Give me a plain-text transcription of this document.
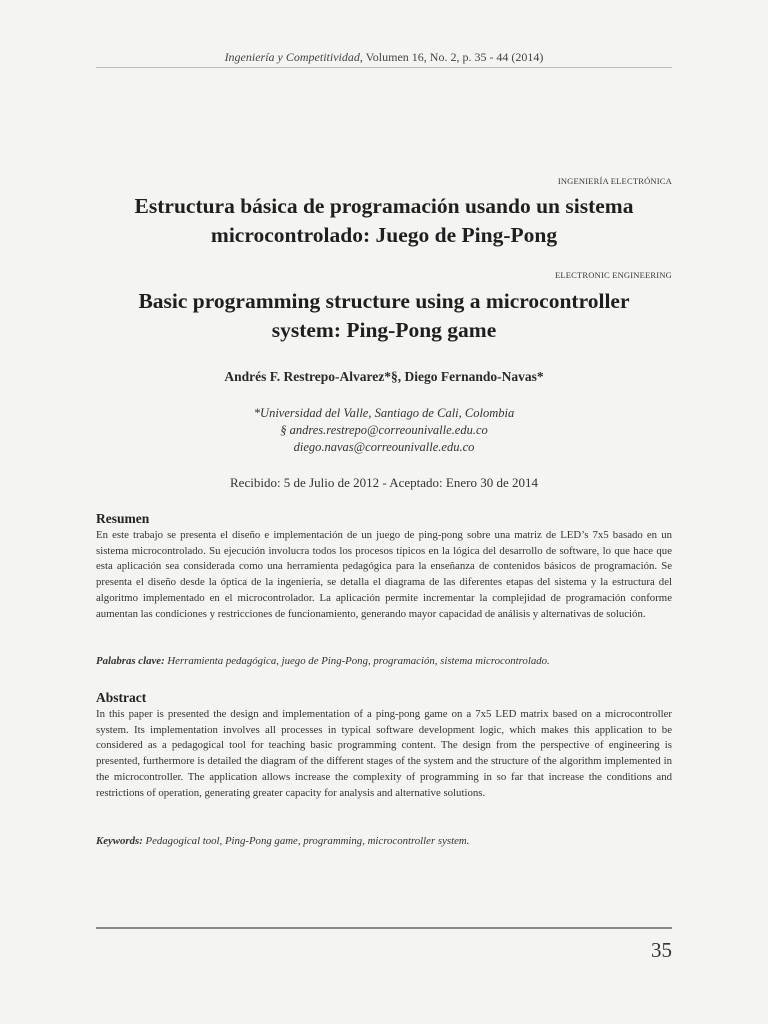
Ingeniería y Competitividad, Volumen 16, No. 2, p. 35 - 44 (2014)
INGENIERÍA ELECTRÓNICA
Estructura básica de programación usando un sistema
microcontrolado: Juego de Ping-Pong
ELECTRONIC ENGINEERING
Basic programming structure using a microcontroller
system: Ping-Pong game
Andrés F. Restrepo-Alvarez*§, Diego Fernando-Navas*
*Universidad del Valle, Santiago de Cali, Colombia
§ andres.restrepo@correounivalle.edu.co
diego.navas@correounivalle.edu.co
Recibido: 5 de Julio de 2012 - Aceptado: Enero 30 de 2014
Resumen
En este trabajo se presenta el diseño e implementación de un juego de ping-pong sobre una matriz de LED’s 7x5 basado en un sistema microcontrolado. Su ejecución involucra todos los procesos típicos en la lógica del desarrollo de software, lo que hace que esta aplicación sea considerada como una herramienta pedagógica para la enseñanza de contenidos básicos de programación. Se presenta el diseño desde la óptica de la ingeniería, se detalla el diagrama de las diferentes etapas del sistema y la estructura del algoritmo implementado en el microcontrolador. La aplicación permite incrementar la complejidad de programación conforme aumentan las condiciones y restricciones de funcionamiento, generando mayor capacidad de análisis y alternativas de solución.
Palabras clave: Herramienta pedagógica, juego de Ping-Pong, programación, sistema microcontrolado.
Abstract
In this paper is presented the design and implementation of a ping-pong game on a 7x5 LED matrix based on a microcontroller system. Its implementation involves all processes in typical software development logic, which makes this application to be considered as a pedagogical tool for teaching basic programming content. The design from the perspective of engineering is presented, furthermore is detailed the diagram of the different stages of the system and the structure of the algorithm implemented in the microcontroller. The application allows increase the complexity of programming in so far that increase the conditions and restrictions of operation, generating greater capacity for analysis and alternative solutions.
Keywords: Pedagogical tool, Ping-Pong game, programming, microcontroller system.
35
